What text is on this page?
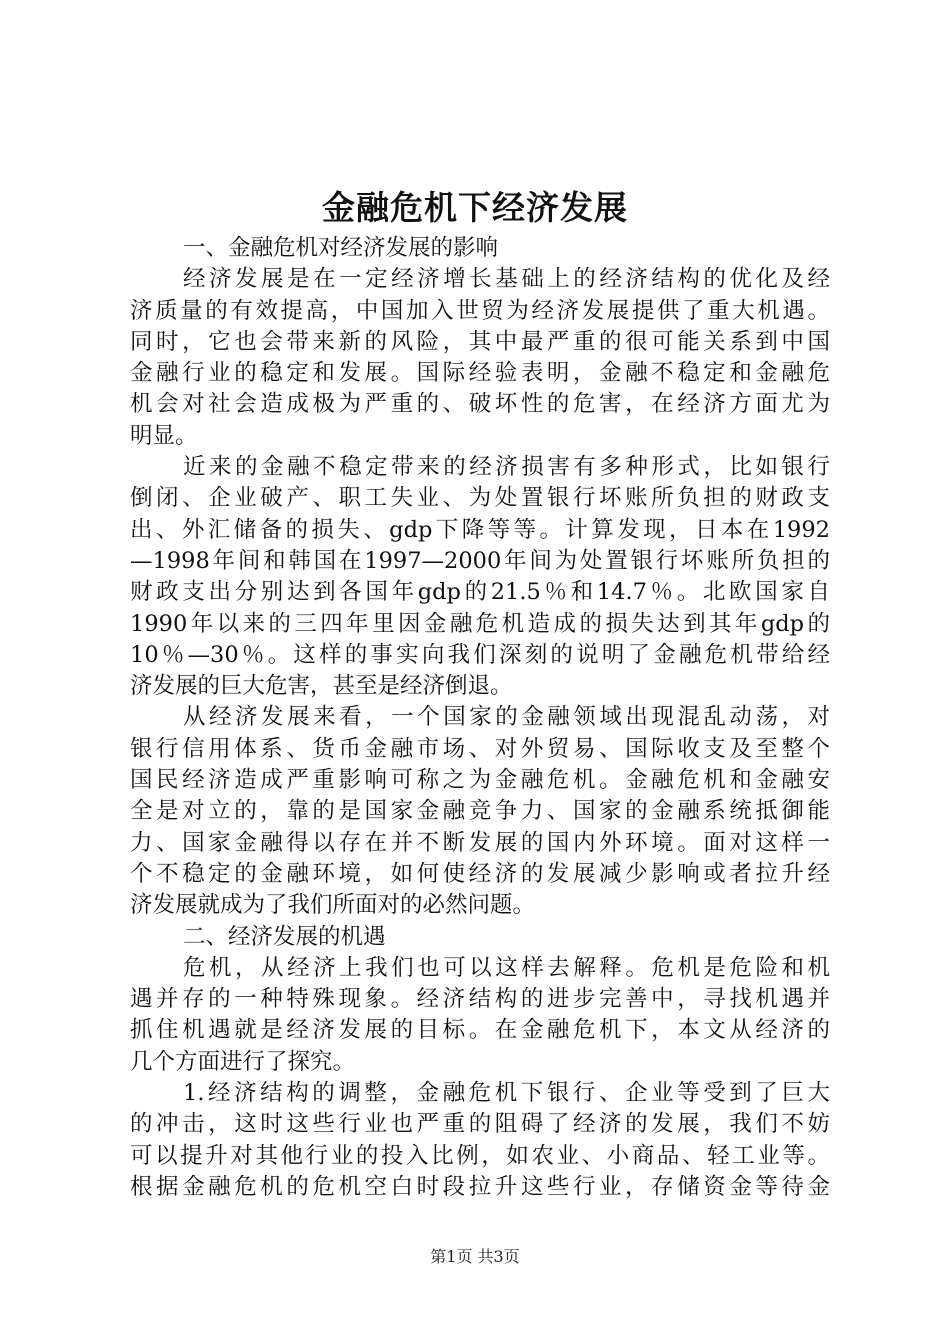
金融危机下经济发展
一、金融危机对经济发展的影响
经济发展是在一定经济增长基础上的经济结构的优化及经
济质量的有效提高，中国加入世贸为经济发展提供了重大机遇。
同时，它也会带来新的风险，其中最严重的很可能关系到中国
金融行业的稳定和发展。国际经验表明，金融不稳定和金融危
机会对社会造成极为严重的、破坏性的危害，在经济方面尤为
明显。
近来的金融不稳定带来的经济损害有多种形式，比如银行
倒闭、企业破产、职工失业、为处置银行坏账所负担的财政支
出、外汇储备的损失、gdp下降等等。计算发现，日本在1992
—1998年间和韩国在1997—2000年间为处置银行坏账所负担的
财政支出分别达到各国年gdp的21.5％和14.7％。北欧国家自
1990年以来的三四年里因金融危机造成的损失达到其年gdp的
10％—30％。这样的事实向我们深刻的说明了金融危机带给经
济发展的巨大危害，甚至是经济倒退。
从经济发展来看，一个国家的金融领域出现混乱动荡，对
银行信用体系、货币金融市场、对外贸易、国际收支及至整个
国民经济造成严重影响可称之为金融危机。金融危机和金融安
全是对立的，靠的是国家金融竞争力、国家的金融系统抵御能
力、国家金融得以存在并不断发展的国内外环境。面对这样一
个不稳定的金融环境，如何使经济的发展减少影响或者拉升经
济发展就成为了我们所面对的必然问题。
二、经济发展的机遇
危机，从经济上我们也可以这样去解释。危机是危险和机
遇并存的一种特殊现象。经济结构的进步完善中，寻找机遇并
抓住机遇就是经济发展的目标。在金融危机下，本文从经济的
几个方面进行了探究。
1.经济结构的调整，金融危机下银行、企业等受到了巨大
的冲击，这时这些行业也严重的阻碍了经济的发展，我们不妨
可以提升对其他行业的投入比例，如农业、小商品、轻工业等。
根据金融危机的危机空白时段拉升这些行业，存储资金等待金
第1页 共3页
